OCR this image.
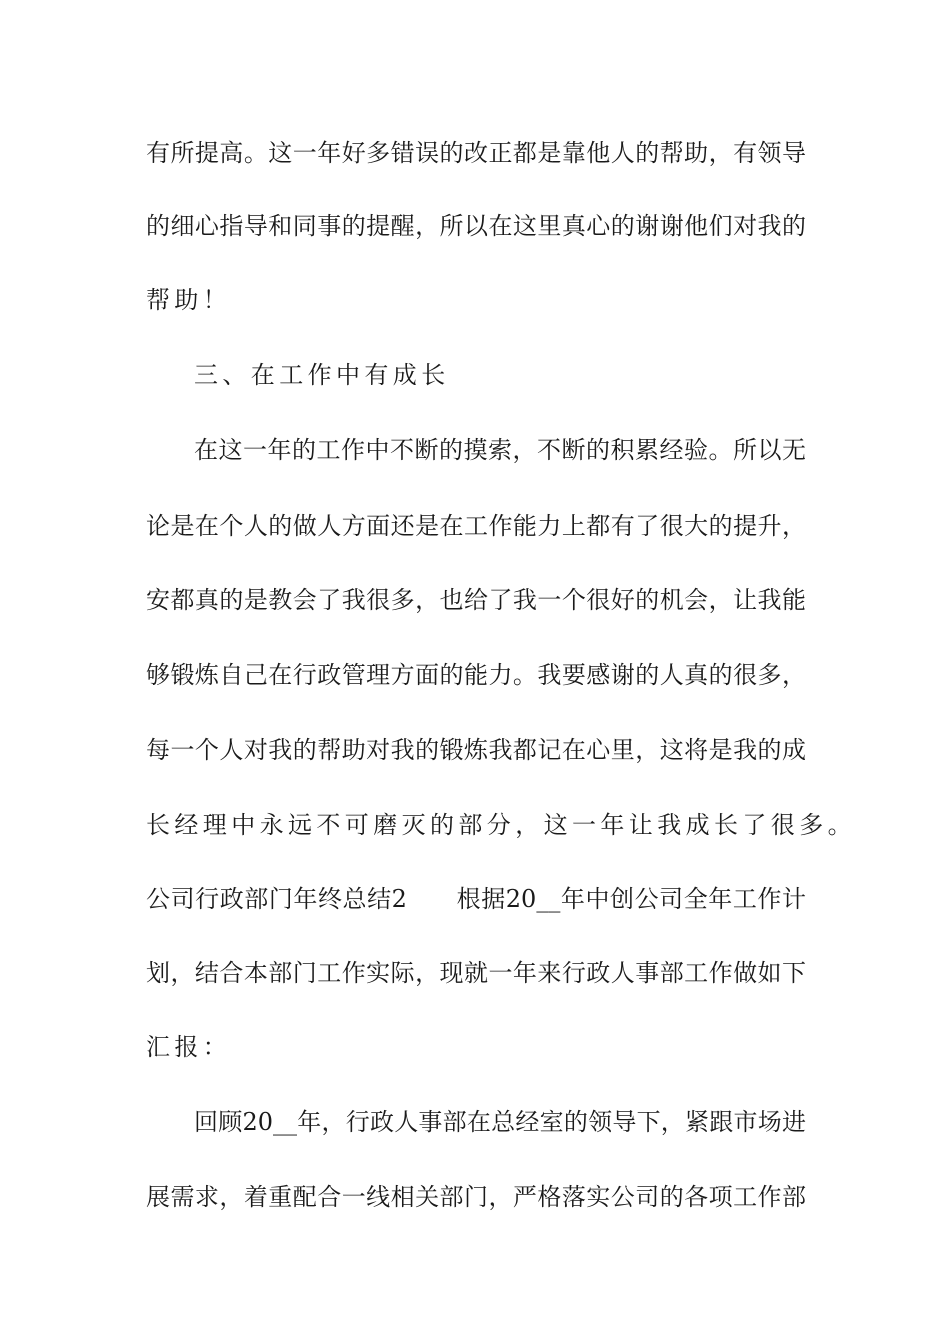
有所提高。这一年好多错误的改正都是靠他人的帮助，有领导
的细心指导和同事的提醒，所以在这里真心的谢谢他们对我的
帮助！
三、在工作中有成长
在这一年的工作中不断的摸索，不断的积累经验。所以无
论是在个人的做人方面还是在工作能力上都有了很大的提升，
安都真的是教会了我很多，也给了我一个很好的机会，让我能
够锻炼自己在行政管理方面的能力。我要感谢的人真的很多，
每一个人对我的帮助对我的锻炼我都记在心里，这将是我的成
长经理中永远不可磨灭的部分，这一年让我成长了很多。
公司行政部门年终总结2　　根据20__年中创公司全年工作计
划，结合本部门工作实际，现就一年来行政人事部工作做如下
汇报：
回顾20__年，行政人事部在总经室的领导下，紧跟市场进
展需求，着重配合一线相关部门，严格落实公司的各项工作部
